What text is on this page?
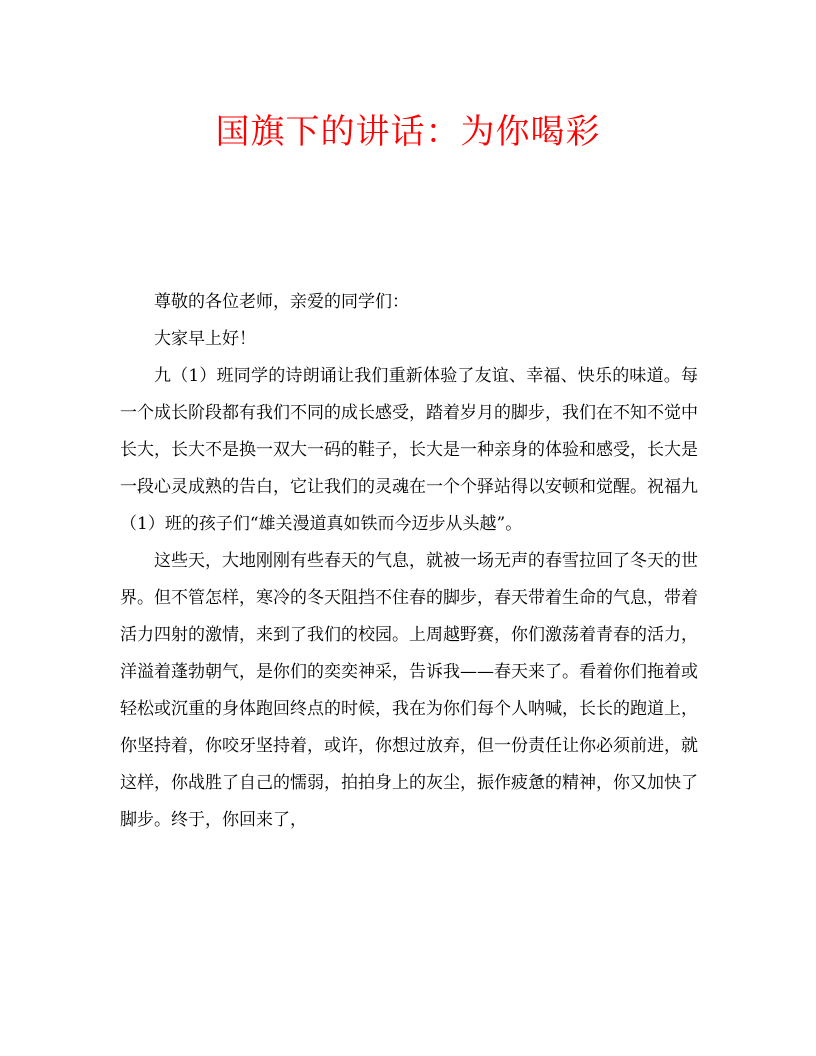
国旗下的讲话：为你喝彩

尊敬的各位老师，亲爱的同学们：

大家早上好！

九（1）班同学的诗朗诵让我们重新体验了友谊、幸福、快乐的味道。每一个成长阶段都有我们不同的成长感受，踏着岁月的脚步，我们在不知不觉中长大，长大不是换一双大一码的鞋子，长大是一种亲身的体验和感受，长大是一段心灵成熟的告白，它让我们的灵魂在一个个驿站得以安顿和觉醒。祝福九（1）班的孩子们“雄关漫道真如铁而今迈步从头越”。

这些天，大地刚刚有些春天的气息，就被一场无声的春雪拉回了冬天的世界。但不管怎样，寒冷的冬天阻挡不住春的脚步，春天带着生命的气息，带着活力四射的激情，来到了我们的校园。上周越野赛，你们激荡着青春的活力，洋溢着蓬勃朝气，是你们的奕奕神采，告诉我——春天来了。看着你们拖着或轻松或沉重的身体跑回终点的时候，我在为你们每个人呐喊，长长的跑道上，你坚持着，你咬牙坚持着，或许，你想过放弃，但一份责任让你必须前进，就这样，你战胜了自己的懦弱，拍拍身上的灰尘，振作疲惫的精神，你又加快了脚步。终于，你回来了，
